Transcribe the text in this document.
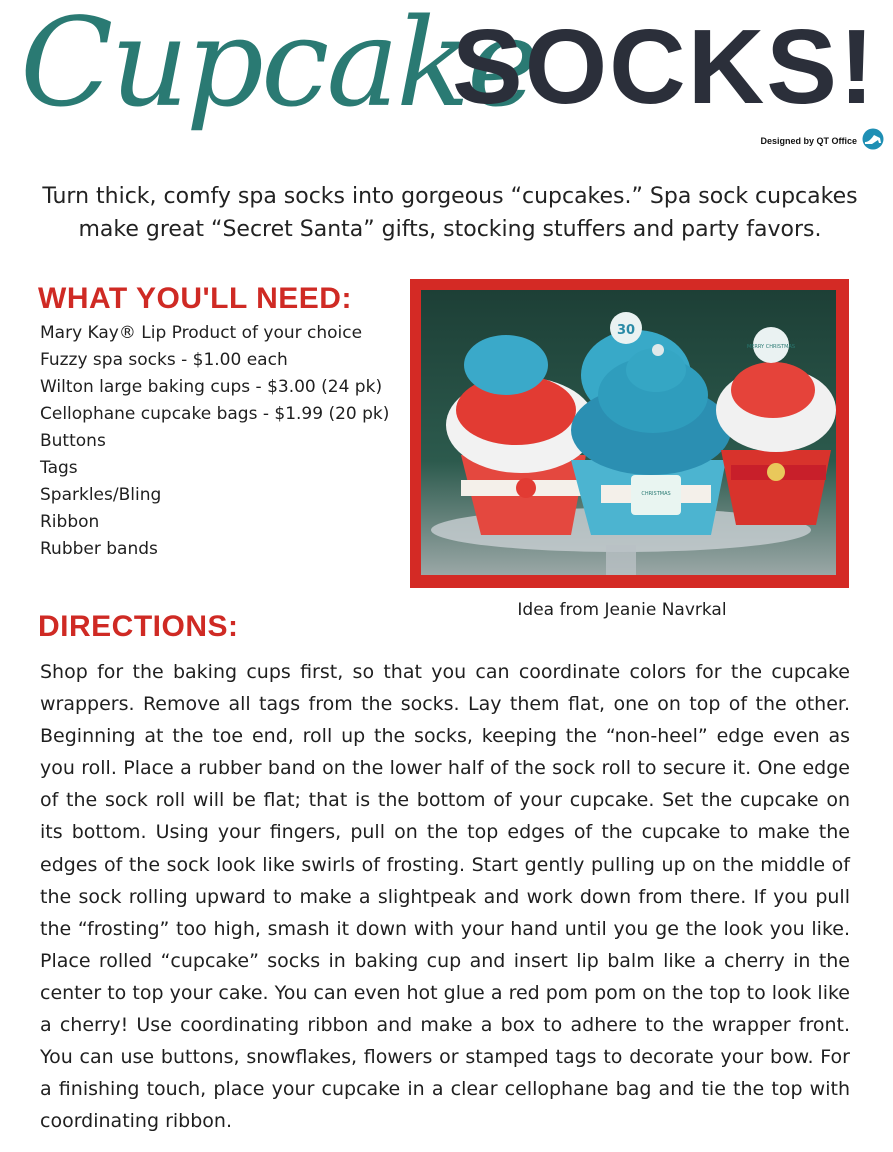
Cupcake
SOCKS!
Designed by QT Office
Turn thick, comfy spa socks into gorgeous “cupcakes.” Spa sock cupcakes make great “Secret Santa” gifts, stocking stuffers and party favors.
WHAT YOU'LL NEED:
Mary Kay® Lip Product of your choice
Fuzzy spa socks - $1.00 each
Wilton large baking cups - $3.00 (24 pk)
Cellophane cupcake bags - $1.99 (20 pk)
Buttons
Tags
Sparkles/Bling
Ribbon
Rubber bands
30
CHRISTMAS
MERRY CHRISTMAS
Idea from Jeanie Navrkal
DIRECTIONS:

Shop for the baking cups first, so that you can coordinate colors for the cupcake wrappers. Remove all tags from the socks. Lay them flat, one on top of the other. Beginning at the toe end, roll up the socks, keeping the “non-heel” edge even as you roll. Place a rubber band on the lower half of the sock roll to secure it. One edge of the sock roll will be flat; that is the bottom of your cupcake. Set the cupcake on its bottom. Using your fingers, pull on the top edges of the cupcake to make the edges of the sock look like swirls of frosting. Start gently pulling up on the middle of the sock rolling upward to make a slightpeak and work down from there. If you pull the “frosting” too high, smash it down with your hand until you ge the look you like. Place rolled “cupcake” socks in baking cup and insert lip balm like a cherry in the center to top your cake. You can even hot glue a red pom pom on the top to look like a cherry! Use coordinating ribbon and make a box to adhere to the wrapper front. You can use buttons, snowflakes, flowers or stamped tags to decorate your bow. For a finishing touch, place your cupcake in a clear cellophane bag and tie the top with coordinating ribbon.
